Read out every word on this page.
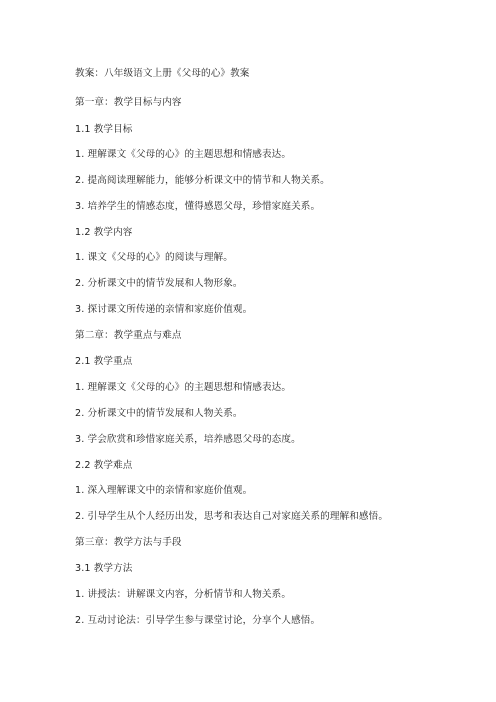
教案：八年级语文上册《父母的心》教案
第一章：教学目标与内容
1.1 教学目标
1. 理解课文《父母的心》的主题思想和情感表达。
2. 提高阅读理解能力，能够分析课文中的情节和人物关系。
3. 培养学生的情感态度，懂得感恩父母，珍惜家庭关系。
1.2 教学内容
1. 课文《父母的心》的阅读与理解。
2. 分析课文中的情节发展和人物形象。
3. 探讨课文所传递的亲情和家庭价值观。
第二章：教学重点与难点
2.1 教学重点
1. 理解课文《父母的心》的主题思想和情感表达。
2. 分析课文中的情节发展和人物关系。
3. 学会欣赏和珍惜家庭关系，培养感恩父母的态度。
2.2 教学难点
1. 深入理解课文中的亲情和家庭价值观。
2. 引导学生从个人经历出发，思考和表达自己对家庭关系的理解和感悟。
第三章：教学方法与手段
3.1 教学方法
1. 讲授法：讲解课文内容，分析情节和人物关系。
2. 互动讨论法：引导学生参与课堂讨论，分享个人感悟。
